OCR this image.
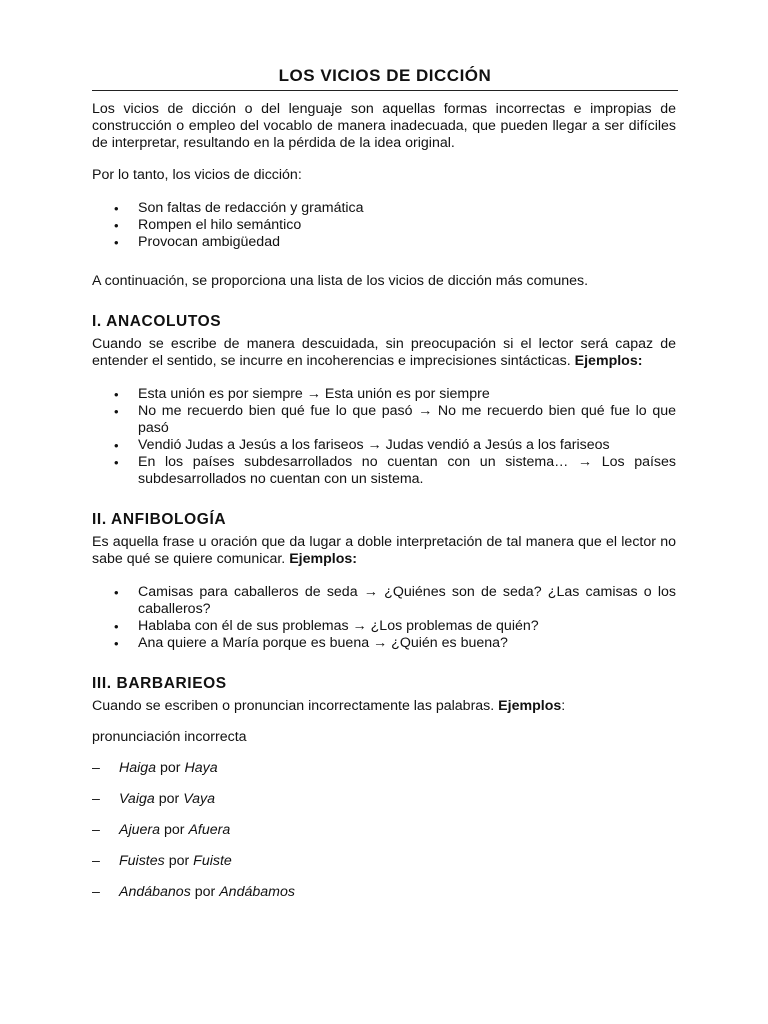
LOS VICIOS DE DICCIÓN

Los vicios de dicción o del lenguaje son aquellas formas incorrectas e impropias de construcción o empleo del vocablo de manera inadecuada, que pueden llegar a ser difíciles de interpretar, resultando en la pérdida de la idea original.

Por lo tanto, los vicios de dicción:

• Son faltas de redacción y gramática
• Rompen el hilo semántico
• Provocan ambigüedad

A continuación, se proporciona una lista de los vicios de dicción más comunes.

I. ANACOLUTOS

Cuando se escribe de manera descuidada, sin preocupación si el lector será capaz de entender el sentido, se incurre en incoherencias e imprecisiones sintácticas. Ejemplos:

• Esta unión es por siempre → Esta unión es por siempre
• No me recuerdo bien qué fue lo que pasó → No me recuerdo bien qué fue lo que pasó
• Vendió Judas a Jesús a los fariseos → Judas vendió a Jesús a los fariseos
• En los países subdesarrollados no cuentan con un sistema… → Los países subdesarrollados no cuentan con un sistema.
II. ANFIBOLOGÍA

Es aquella frase u oración que da lugar a doble interpretación de tal manera que el lector no sabe qué se quiere comunicar. Ejemplos:

• Camisas para caballeros de seda → ¿Quiénes son de seda? ¿Las camisas o los caballeros?
• Hablaba con él de sus problemas → ¿Los problemas de quién?
• Ana quiere a María porque es buena → ¿Quién es buena?
III. BARBARIEOS

Cuando se escriben o pronuncian incorrectamente las palabras. Ejemplos:

pronunciación incorrecta

– Haiga por Haya
– Vaiga por Vaya
– Ajuera por Afuera
– Fuistes por Fuiste
– Andábanos por Andábamos
